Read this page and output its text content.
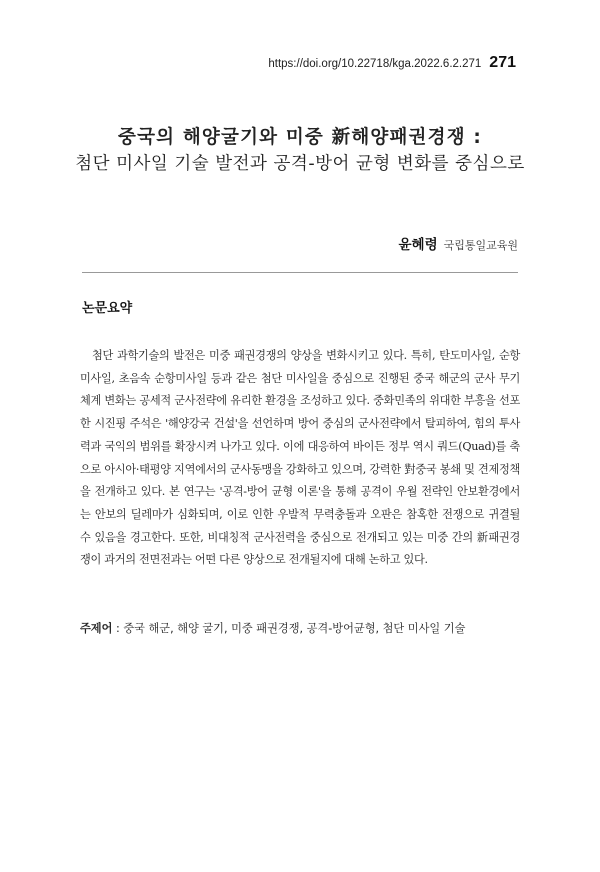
https://doi.org/10.22718/kga.2022.6.2.271 271

중국의 해양굴기와 미중 新해양패권경쟁 :

첨단 미사일 기술 발전과 공격-방어 균형 변화를 중심으로

윤혜령 국립통일교육원
논문요약
첨단 과학기술의 발전은 미중 패권경쟁의 양상을 변화시키고 있다. 특히, 탄도미사일, 순항미사일, 초음속 순항미사일 등과 같은 첨단 미사일을 중심으로 진행된 중국 해군의 군사 무기체계 변화는 공세적 군사전략에 유리한 환경을 조성하고 있다. 중화민족의 위대한 부흥을 선포한 시진핑 주석은 '해양강국 건설'을 선언하며 방어 중심의 군사전략에서 탈피하여, 힘의 투사력과 국익의 범위를 확장시켜 나가고 있다. 이에 대응하여 바이든 정부 역시 쿼드(Quad)를 축으로 아시아·태평양 지역에서의 군사동맹을 강화하고 있으며, 강력한 對중국 봉쇄 및 견제정책을 전개하고 있다. 본 연구는 '공격-방어 균형 이론'을 통해 공격이 우월 전략인 안보환경에서는 안보의 딜레마가 심화되며, 이로 인한 우발적 무력충돌과 오판은 참혹한 전쟁으로 귀결될 수 있음을 경고한다. 또한, 비대칭적 군사전력을 중심으로 전개되고 있는 미중 간의 新패권경쟁이 과거의 전면전과는 어떤 다른 양상으로 전개될지에 대해 논하고 있다.
주제어 : 중국 해군, 해양 굴기, 미중 패권경쟁, 공격-방어균형, 첨단 미사일 기술
